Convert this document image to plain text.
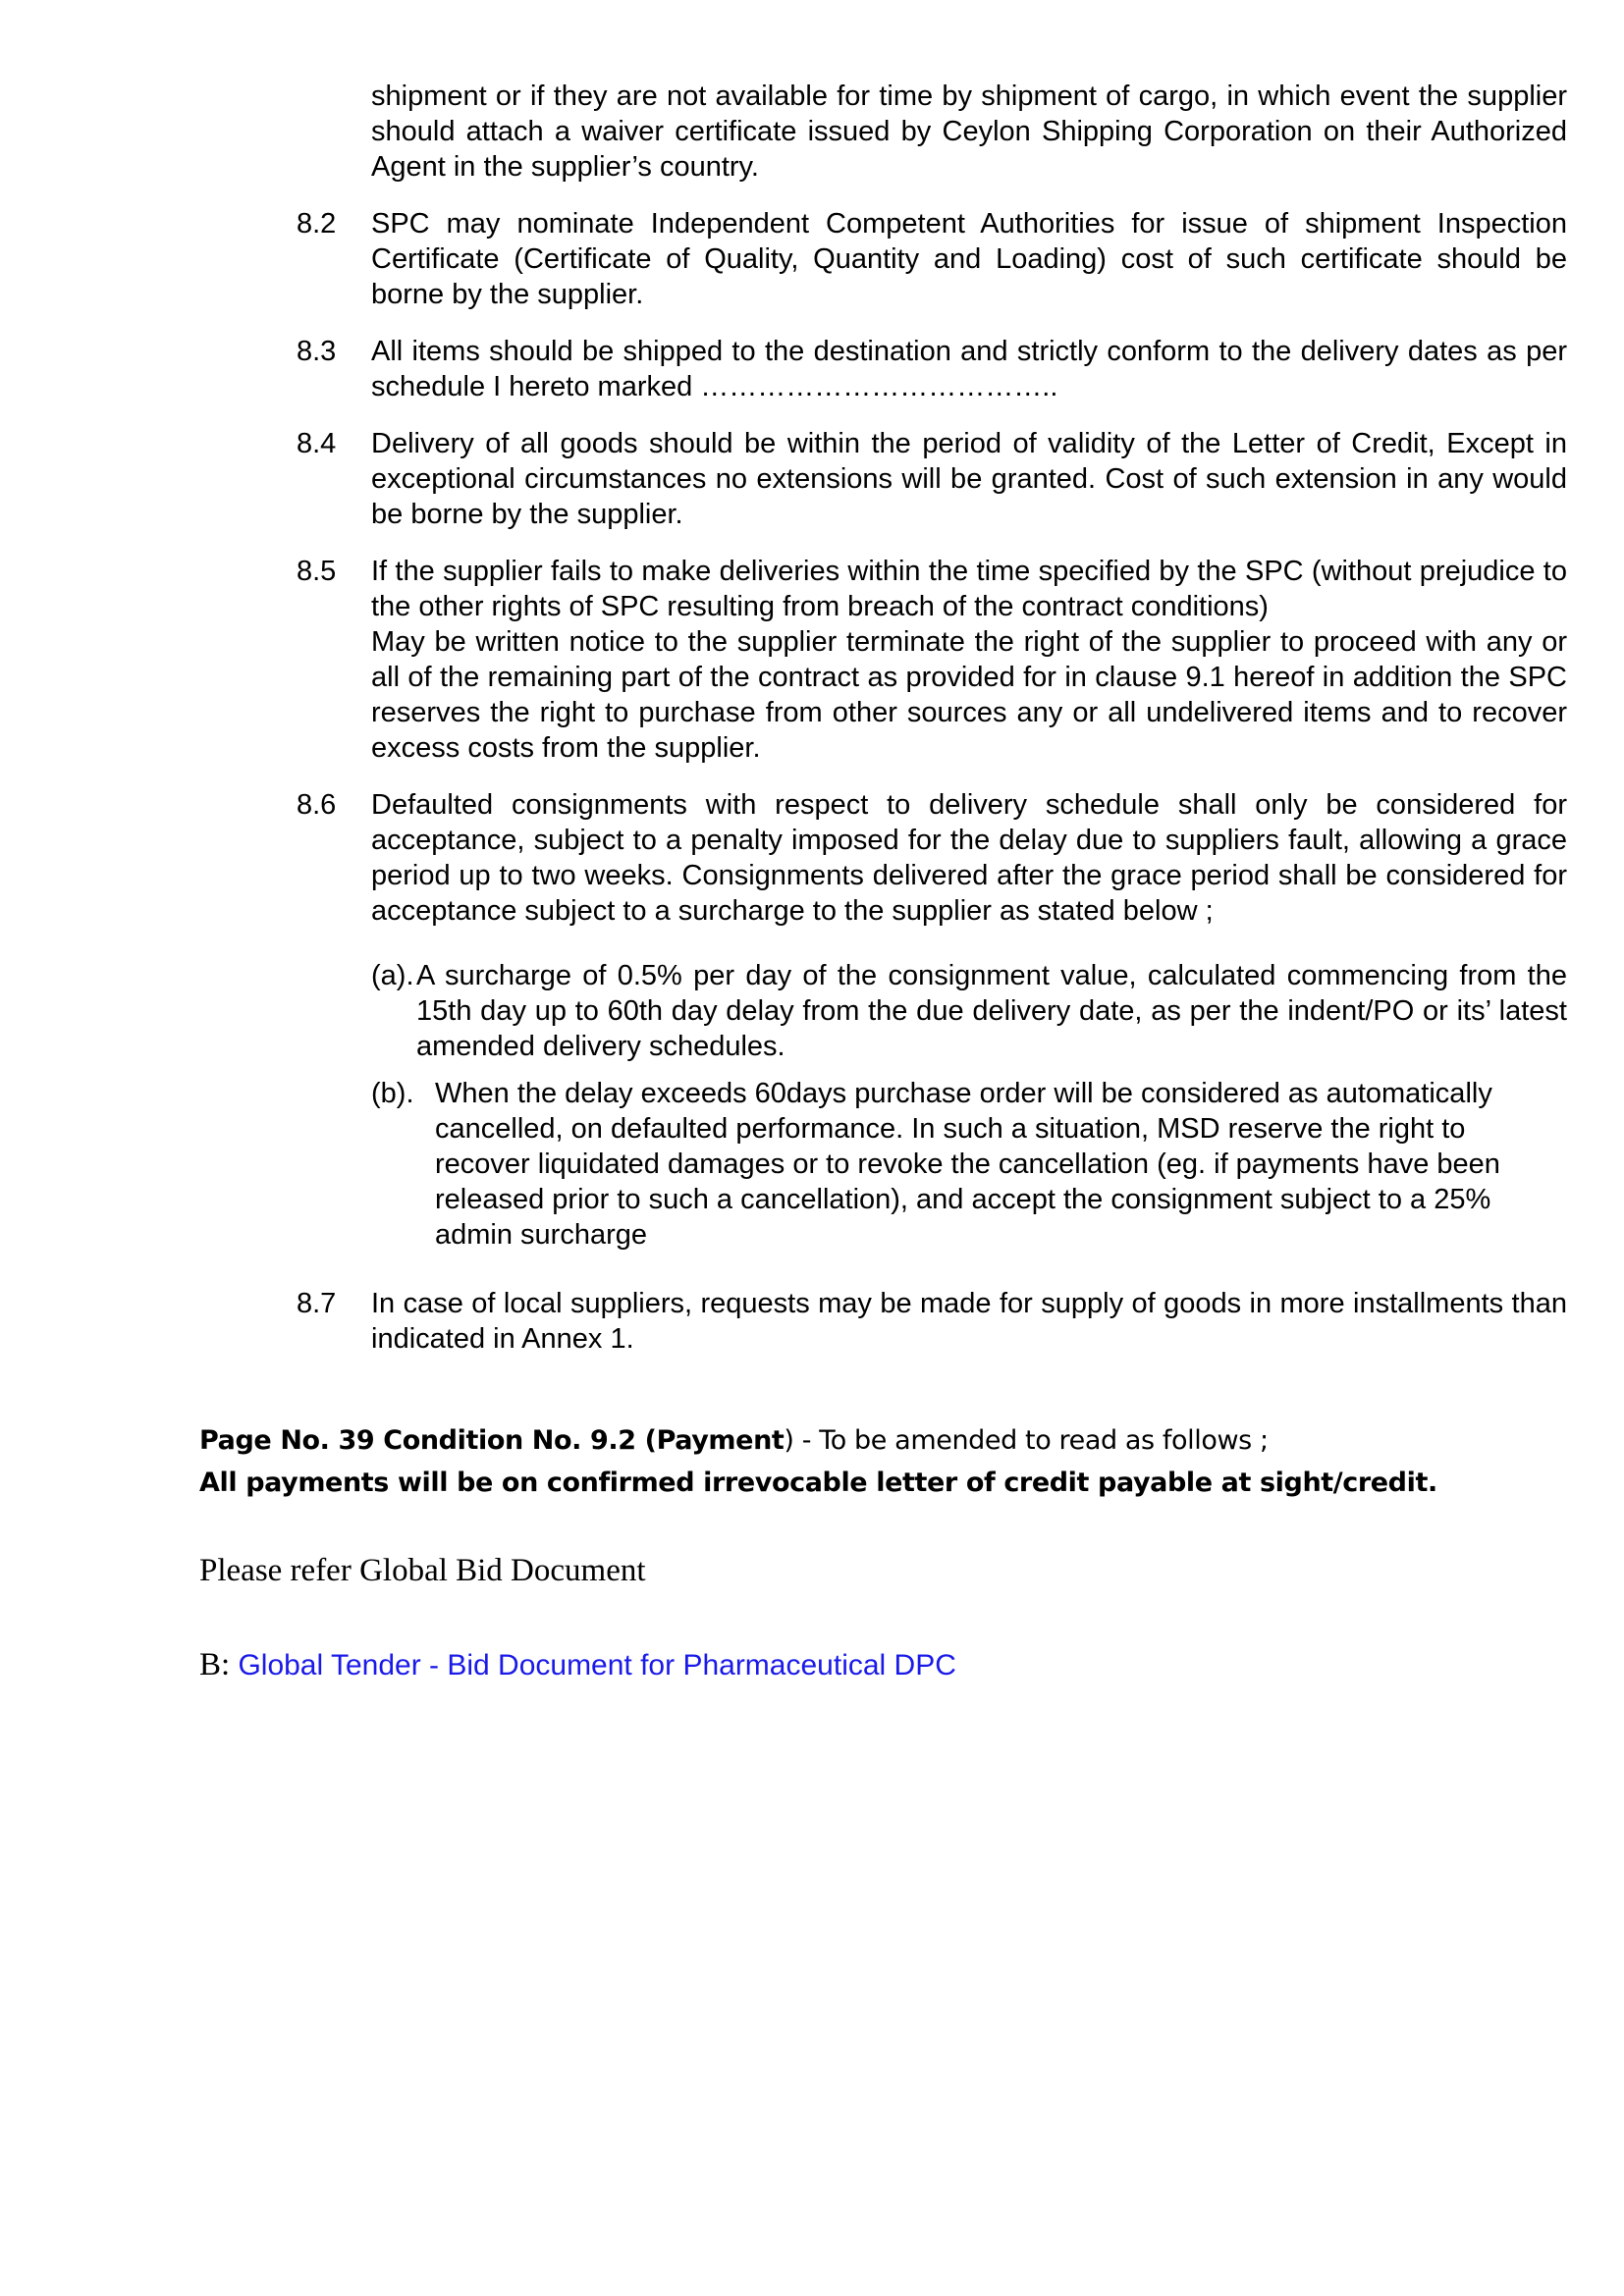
shipment or if they are not available for time by shipment of cargo, in which event the supplier should attach a waiver certificate issued by Ceylon Shipping Corporation on their Authorized Agent in the supplier’s country.

8.2	SPC may nominate Independent Competent Authorities for issue of shipment Inspection Certificate (Certificate of Quality, Quantity and Loading) cost of such certificate should be borne by the supplier.

8.3	All items should be shipped to the destination and strictly conform to the delivery dates as per schedule I hereto marked ………………………………..

8.4	Delivery of all goods should be within the period of validity of the Letter of Credit, Except in exceptional circumstances no extensions will be granted. Cost of such extension in any would be borne by the supplier.

8.5	If the supplier fails to make deliveries within the time specified by the SPC (without prejudice to the other rights of SPC resulting from breach of the contract conditions)

May be written notice to the supplier terminate the right of the supplier to proceed with any or all of the remaining part of the contract as provided for in clause 9.1 hereof in addition the SPC reserves the right to purchase from other sources any or all undelivered items and to recover excess costs from the supplier.

8.6	Defaulted consignments with respect to delivery schedule shall only be considered for acceptance, subject to a penalty imposed for the delay due to suppliers fault, allowing a grace period up to two weeks. Consignments delivered after the grace period shall be considered for acceptance subject to a surcharge to the supplier as stated below ;

(a). A surcharge of 0.5% per day of the consignment value, calculated commencing from the 15th day up to 60th day delay from the due delivery date, as per the indent/PO or its’ latest amended delivery schedules.

(b). When the delay exceeds 60days purchase order will be considered as automatically cancelled, on defaulted performance. In such a situation, MSD reserve the right to recover liquidated damages or to revoke the cancellation (eg. if payments have been released prior to such a cancellation), and accept the consignment subject to a 25% admin surcharge

8.7	In case of local suppliers, requests may be made for supply of goods in more installments than indicated in Annex 1.

Page No. 39 Condition No. 9.2 (Payment) - To be amended to read as follows ;

All payments will be on confirmed irrevocable letter of credit payable at sight/credit.

Please refer Global Bid Document

B: Global Tender - Bid Document for Pharmaceutical DPC
